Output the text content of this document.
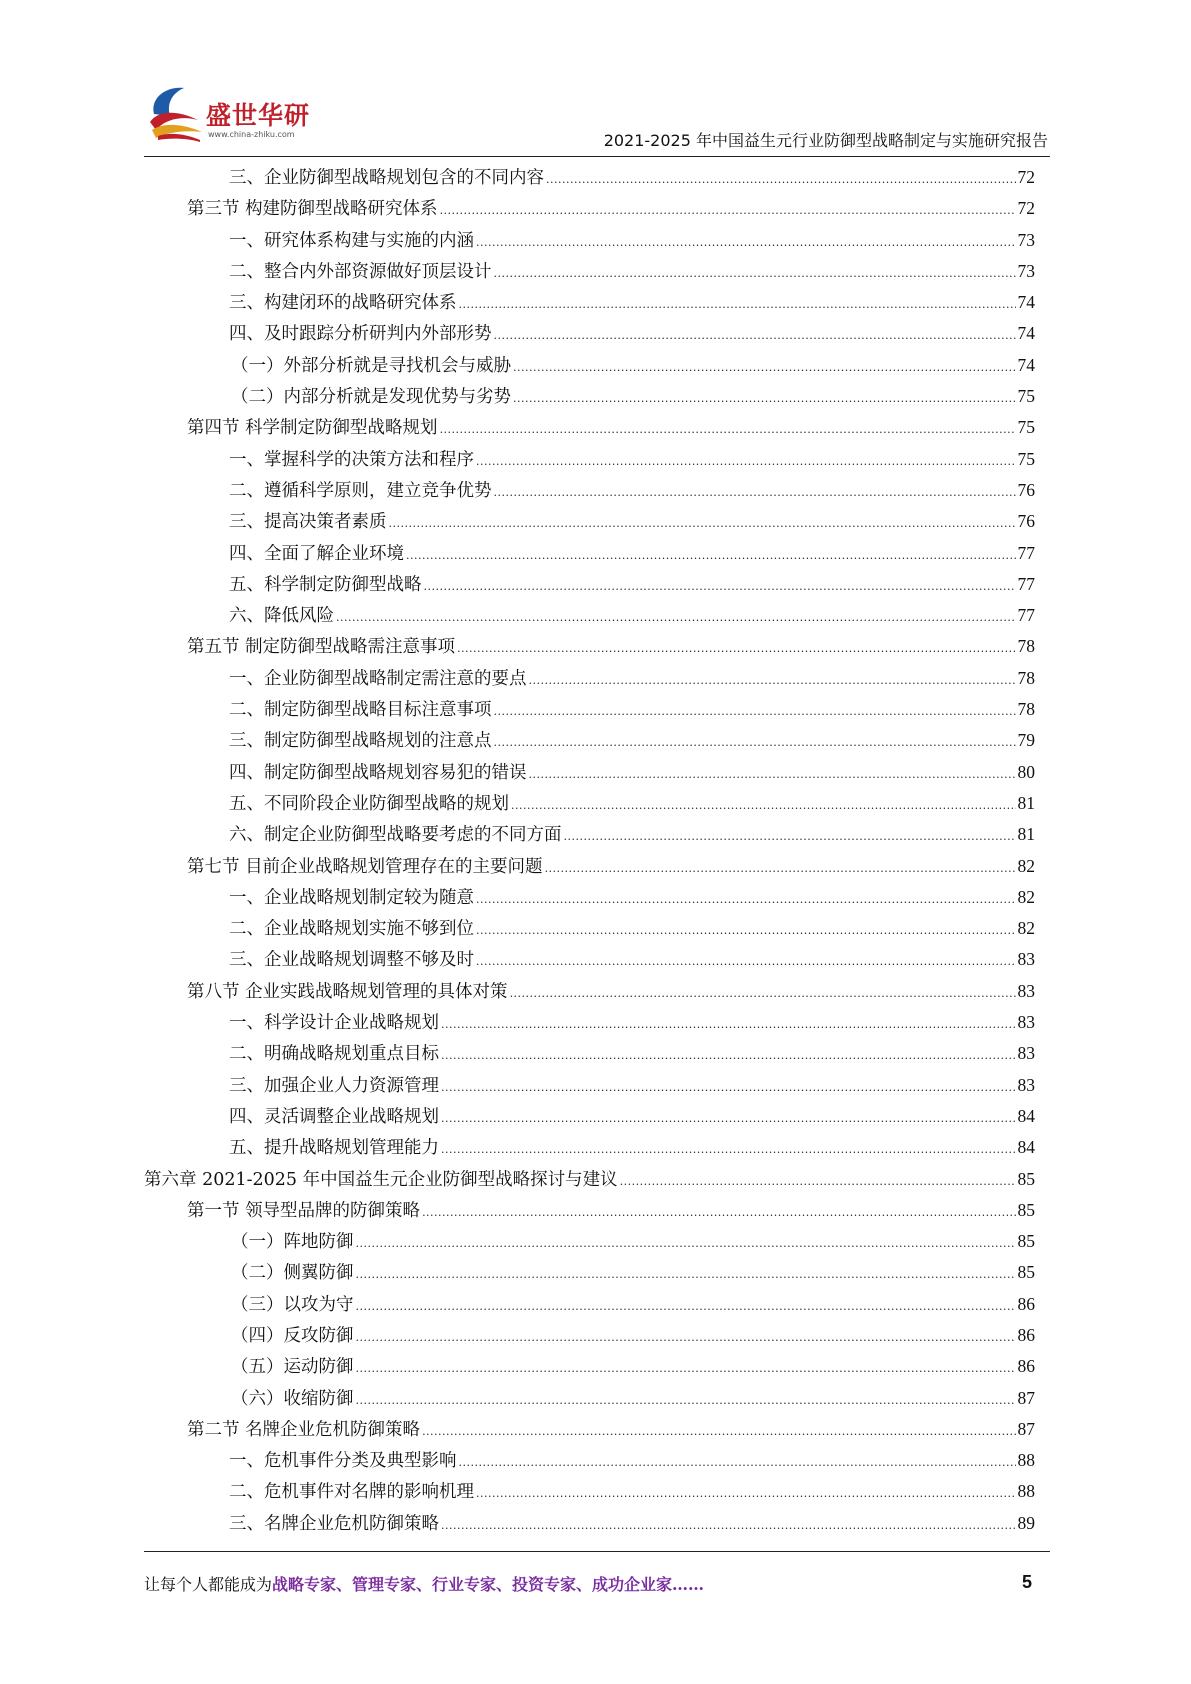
盛世华研
www.china-zhiku.com	2021-2025 年中国益生元行业防御型战略制定与实施研究报告
三、企业防御型战略规划包含的不同内容 .....	72
第三节 构建防御型战略研究体系 .....	72
一、研究体系构建与实施的内涵 .....	73
二、整合内外部资源做好顶层设计 .....	73
三、构建闭环的战略研究体系 .....	74
四、及时跟踪分析研判内外部形势 .....	74
（一）外部分析就是寻找机会与威胁 .....	74
（二）内部分析就是发现优势与劣势 .....	75
第四节 科学制定防御型战略规划 .....	75
一、掌握科学的决策方法和程序 .....	75
二、遵循科学原则，建立竞争优势 .....	76
三、提高决策者素质 .....	76
四、全面了解企业环境 .....	77
五、科学制定防御型战略 .....	77
六、降低风险 .....	77
第五节 制定防御型战略需注意事项 .....	78
一、企业防御型战略制定需注意的要点 .....	78
二、制定防御型战略目标注意事项 .....	78
三、制定防御型战略规划的注意点 .....	79
四、制定防御型战略规划容易犯的错误 .....	80
五、不同阶段企业防御型战略的规划 .....	81
六、制定企业防御型战略要考虑的不同方面 .....	81
第七节 目前企业战略规划管理存在的主要问题 .....	82
一、企业战略规划制定较为随意 .....	82
二、企业战略规划实施不够到位 .....	82
三、企业战略规划调整不够及时 .....	83
第八节 企业实践战略规划管理的具体对策 .....	83
一、科学设计企业战略规划 .....	83
二、明确战略规划重点目标 .....	83
三、加强企业人力资源管理 .....	83
四、灵活调整企业战略规划 .....	84
五、提升战略规划管理能力 .....	84
第六章 2021-2025 年中国益生元企业防御型战略探讨与建议 .....	85
第一节 领导型品牌的防御策略 .....	85
（一）阵地防御 .....	85
（二）侧翼防御 .....	85
（三）以攻为守 .....	86
（四）反攻防御 .....	86
（五）运动防御 .....	86
（六）收缩防御 .....	87
第二节 名牌企业危机防御策略 .....	87
一、危机事件分类及典型影响 .....	88
二、危机事件对名牌的影响机理 .....	88
三、名牌企业危机防御策略 .....	89
让每个人都能成为战略专家、管理专家、行业专家、投资专家、成功企业家……	5
